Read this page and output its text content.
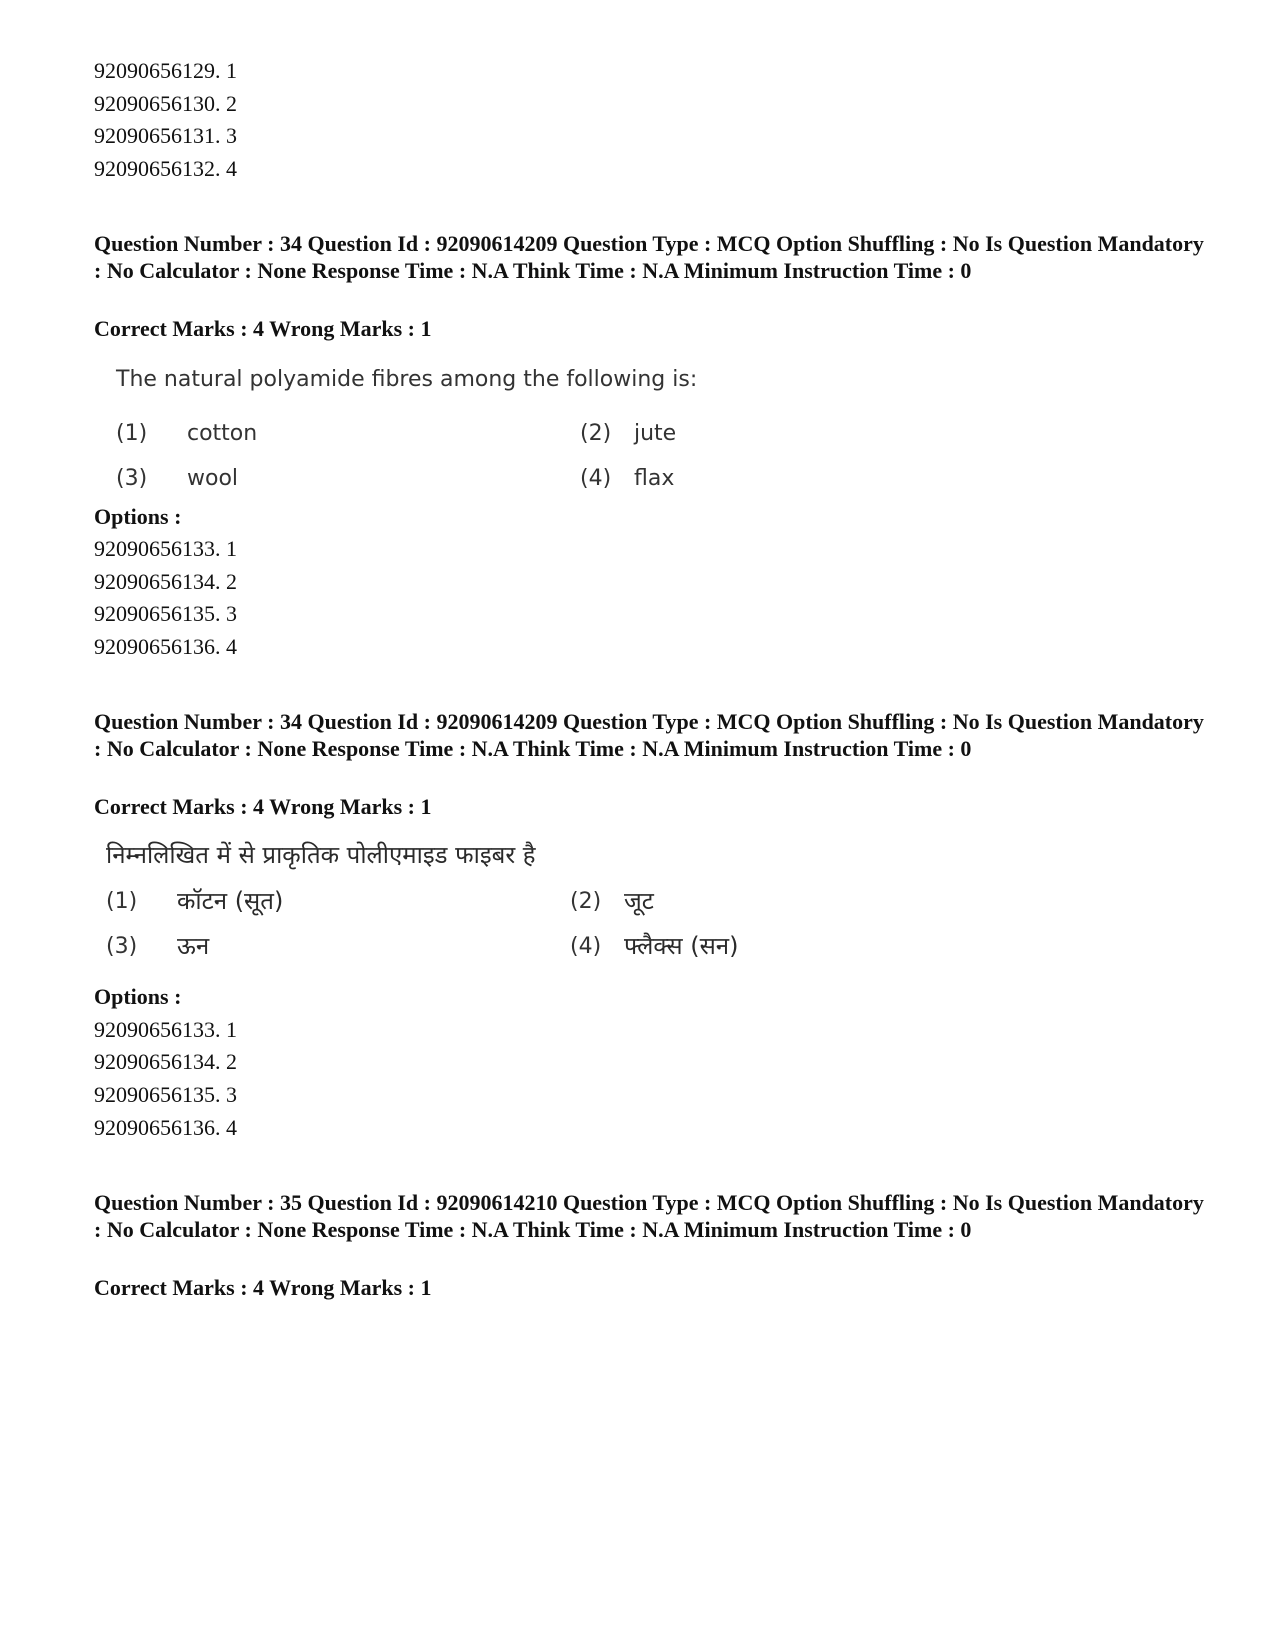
92090656129. 1
92090656130. 2
92090656131. 3
92090656132. 4
Question Number : 34 Question Id : 92090614209 Question Type : MCQ Option Shuffling : No Is Question Mandatory : No Calculator : None Response Time : N.A Think Time : N.A Minimum Instruction Time : 0
Correct Marks : 4 Wrong Marks : 1
The natural polyamide fibres among the following is:
(1) cotton	(2) jute
(3) wool	(4) flax
Options :
92090656133. 1
92090656134. 2
92090656135. 3
92090656136. 4
Question Number : 34 Question Id : 92090614209 Question Type : MCQ Option Shuffling : No Is Question Mandatory : No Calculator : None Response Time : N.A Think Time : N.A Minimum Instruction Time : 0
Correct Marks : 4 Wrong Marks : 1
निम्नलिखित में से प्राकृतिक पोलीएमाइड फाइबर है
(1) कॉटन (सूत)	(2) जूट
(3) ऊन	(4) फ्लैक्स (सन)
Options :
92090656133. 1
92090656134. 2
92090656135. 3
92090656136. 4
Question Number : 35 Question Id : 92090614210 Question Type : MCQ Option Shuffling : No Is Question Mandatory : No Calculator : None Response Time : N.A Think Time : N.A Minimum Instruction Time : 0
Correct Marks : 4 Wrong Marks : 1
